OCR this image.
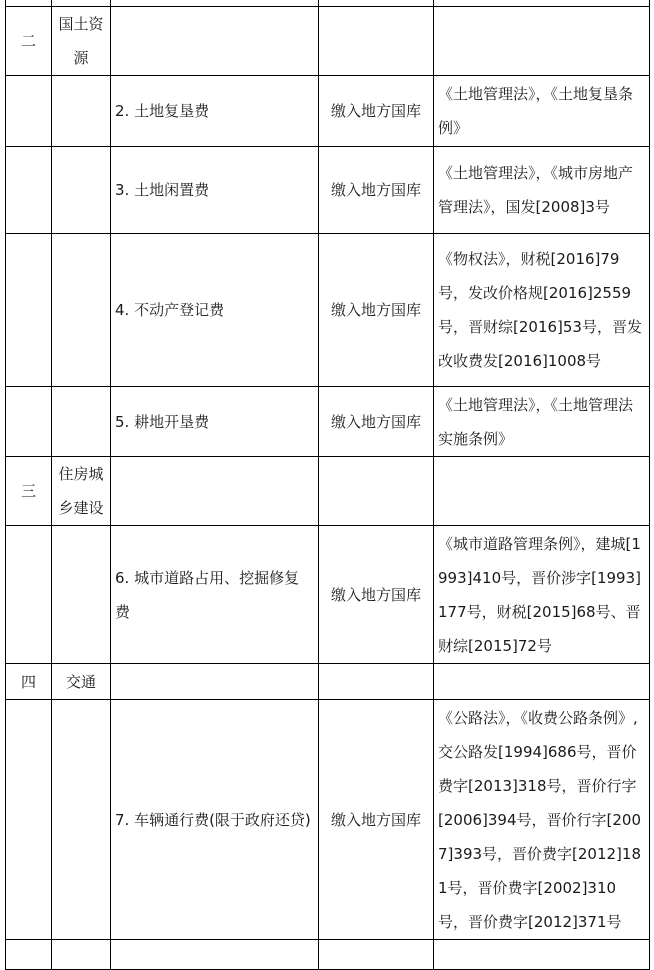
二	国土资源			
		2. 土地复垦费	缴入地方国库	《土地管理法》，《土地复垦条例》
		3. 土地闲置费	缴入地方国库	《土地管理法》，《城市房地产管理法》，国发[2008]3号
		4. 不动产登记费	缴入地方国库	《物权法》，财税[2016]79号，发改价格规[2016]2559号，晋财综[2016]53号，晋发改收费发[2016]1008号
		5. 耕地开垦费	缴入地方国库	《土地管理法》，《土地管理法实施条例》
三	住房城乡建设			
		6. 城市道路占用、挖掘修复费	缴入地方国库	《城市道路管理条例》，建城[1993]410号，晋价涉字[1993]177号，财税[2015]68号、晋财综[2015]72号
四	交通			
		7. 车辆通行费(限于政府还贷)	缴入地方国库	《公路法》，《收费公路条例》,交公路发[1994]686号，晋价费字[2013]318号，晋价行字[2006]394号，晋价行字[2007]393号，晋价费字[2012]181号，晋价费字[2002]310号，晋价费字[2012]371号
